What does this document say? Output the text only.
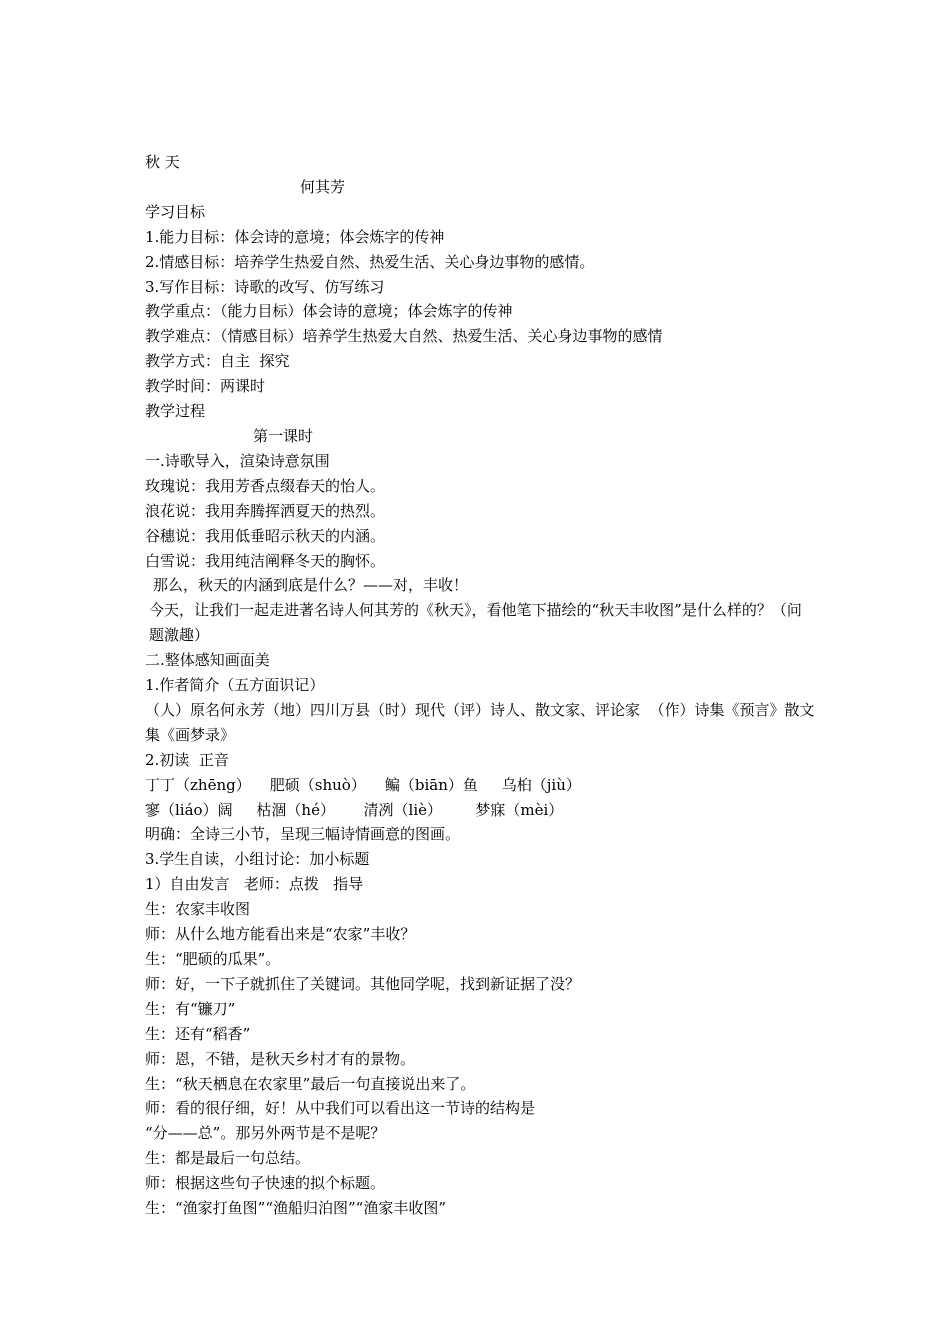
秋 天
何其芳
学习目标
1.能力目标：体会诗的意境；体会炼字的传神
2.情感目标：培养学生热爱自然、热爱生活、关心身边事物的感情。
3.写作目标：诗歌的改写、仿写练习
教学重点：（能力目标）体会诗的意境；体会炼字的传神
教学难点：（情感目标）培养学生热爱大自然、热爱生活、关心身边事物的感情
教学方式：自主  探究
教学时间：两课时
教学过程
第一课时
一.诗歌导入，渲染诗意氛围
玫瑰说：我用芳香点缀春天的怡人。
浪花说：我用奔腾挥洒夏天的热烈。
谷穗说：我用低垂昭示秋天的内涵。
白雪说：我用纯洁阐释冬天的胸怀。
那么，秋天的内涵到底是什么？——对，丰收！
今天，让我们一起走进著名诗人何其芳的《秋天》，看他笔下描绘的“秋天丰收图”是什么样的？（问题激趣）
二.整体感知画面美
1.作者简介（五方面识记）
（人）原名何永芳（地）四川万县（时）现代（评）诗人、散文家、评论家  （作）诗集《预言》散文集《画梦录》
2.初读  正音
丁丁（zhēng）    肥硕（shuò）    鳊（biān）鱼     乌桕（jiù）
寥（liáo）阔     枯涸（hé）      清冽（liè）       梦寐（mèi）
明确：全诗三小节，呈现三幅诗情画意的图画。
3.学生自读，小组讨论：加小标题
1）自由发言   老师：点拨   指导
生：农家丰收图
师：从什么地方能看出来是“农家”丰收？
生：“肥硕的瓜果”。
师：好，一下子就抓住了关键词。其他同学呢，找到新证据了没？
生：有“镰刀”
生：还有“稻香”
师：恩，不错，是秋天乡村才有的景物。
生：“秋天栖息在农家里”最后一句直接说出来了。
师：看的很仔细，好！从中我们可以看出这一节诗的结构是
“分——总”。那另外两节是不是呢？
生：都是最后一句总结。
师：根据这些句子快速的拟个标题。
生：“渔家打鱼图”“渔船归泊图”“渔家丰收图”
